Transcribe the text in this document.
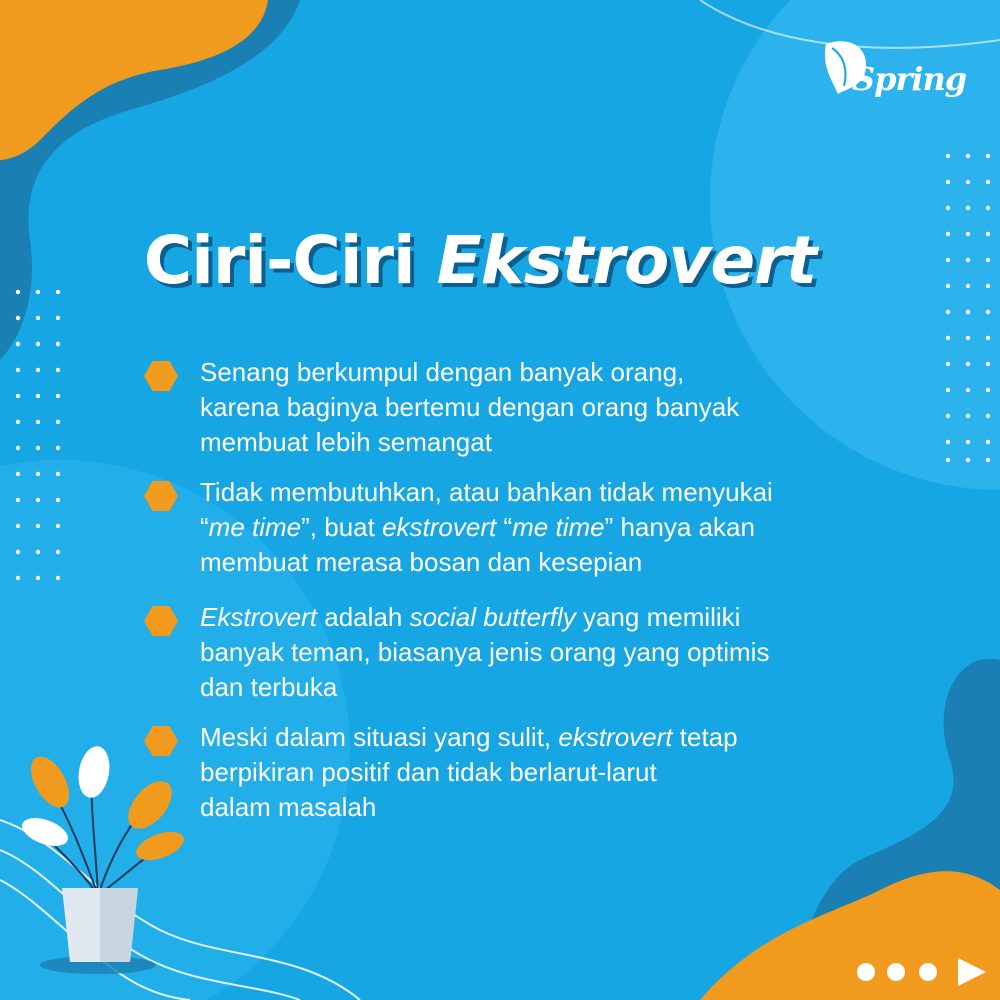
Spring
Ciri-Ciri Ekstrovert

Senang berkumpul dengan banyak orang,
karena baginya bertemu dengan orang banyak
membuat lebih semangat

Tidak membutuhkan, atau bahkan tidak menyukai
“me time”, buat ekstrovert “me time” hanya akan
membuat merasa bosan dan kesepian

Ekstrovert adalah social butterfly yang memiliki
banyak teman, biasanya jenis orang yang optimis
dan terbuka

Meski dalam situasi yang sulit, ekstrovert tetap
berpikiran positif dan tidak berlarut-larut
dalam masalah
